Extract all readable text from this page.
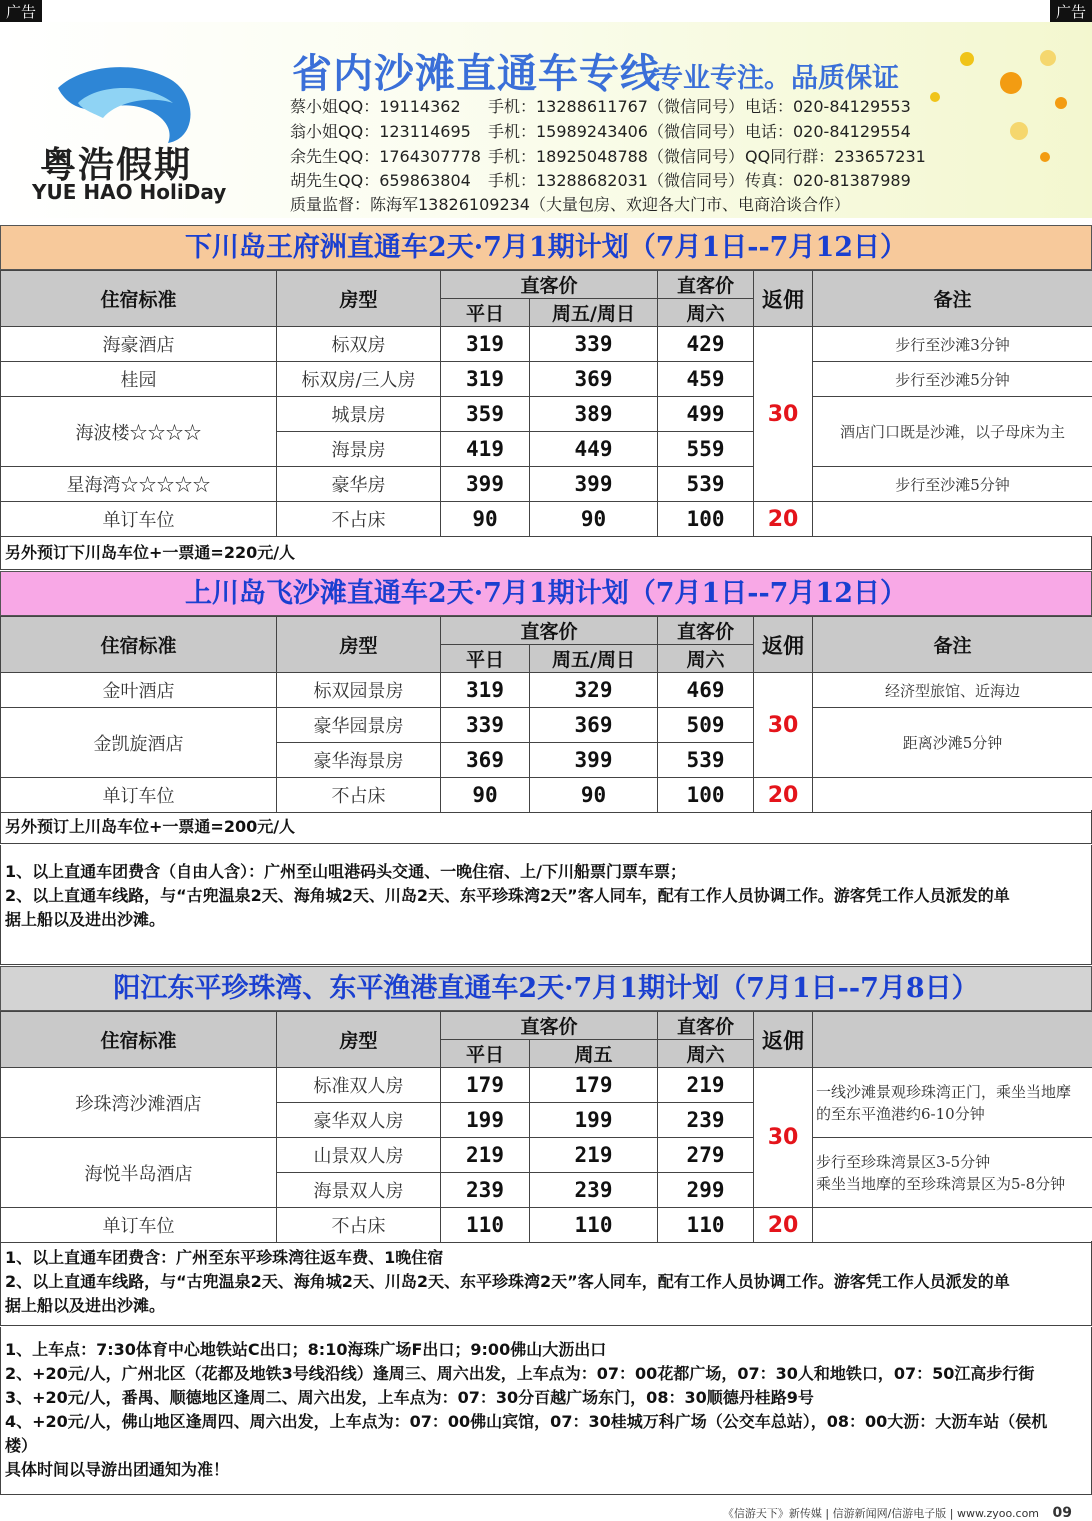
广告	广告
粤浩假期
YUE HAO HoliDay
省内沙滩直通车专线
专业专注。品质保证
蔡小姐QQ：19114362 手机：13288611767（微信同号） 电话：020-84129553
翁小姐QQ：123114695 手机：15989243406（微信同号） 电话：020-84129554
余先生QQ：1764307778 手机：18925048788（微信同号） QQ同行群：233657231
胡先生QQ：659863804 手机：13288682031（微信同号） 传真：020-81387989
质量监督：陈海军13826109234（大量包房、欢迎各大门市、电商洽谈合作）
下川岛王府洲直通车2天·7月1期计划（7月1日--7月12日）
住宿标准	房型	直客价		直客价	返佣	备注
		平日	周五/周日	周六		
海豪酒店	标双房	319	339	429	30	步行至沙滩3分钟
桂园	标双房/三人房	319	369	459		步行至沙滩5分钟
海波楼☆☆☆☆	城景房	359	389	499		酒店门口既是沙滩，以子母床为主
	海景房	419	449	559		
星海湾☆☆☆☆☆	豪华房	399	399	539		步行至沙滩5分钟
单订车位	不占床	90	90	100	20	
另外预订下川岛车位+一票通=220元/人
上川岛飞沙滩直通车2天·7月1期计划（7月1日--7月12日）
住宿标准	房型	直客价		直客价	返佣	备注
		平日	周五/周日	周六		
金叶酒店	标双园景房	319	329	469	30	经济型旅馆、近海边
金凯旋酒店	豪华园景房	339	369	509		距离沙滩5分钟
	豪华海景房	369	399	539		
单订车位	不占床	90	90	100	20	
另外预订上川岛车位+一票通=200元/人
1、以上直通车团费含（自由人含）：广州至山咀港码头交通、一晚住宿、上/下川船票门票车票；
2、以上直通车线路，与“古兜温泉2天、海角城2天、川岛2天、东平珍珠湾2天”客人同车，配有工作人员协调工作。游客凭工作人员派发的单
据上船以及进出沙滩。
阳江东平珍珠湾、东平渔港直通车2天·7月1期计划（7月1日--7月8日）
住宿标准	房型	直客价		直客价	返佣	
		平日	周五	周六		
珍珠湾沙滩酒店	标准双人房	179	179	219	30	一线沙滩景观珍珠湾正门，乘坐当地摩
的至东平渔港约6-10分钟

	豪华双人房	199	199	239		
海悦半岛酒店	山景双人房	219	219	279		步行至珍珠湾景区3-5分钟
乘坐当地摩的至珍珠湾景区为5-8分钟

	海景双人房	239	239	299		
单订车位	不占床	110	110	110	20	
1、以上直通车团费含：广州至东平珍珠湾往返车费、1晚住宿
2、以上直通车线路，与“古兜温泉2天、海角城2天、川岛2天、东平珍珠湾2天”客人同车，配有工作人员协调工作。游客凭工作人员派发的单
据上船以及进出沙滩。
1、上车点：7:30体育中心地铁站C出口；8:10海珠广场F出口；9:00佛山大沥出口
2、+20元/人，广州北区（花都及地铁3号线沿线）逢周三、周六出发，上车点为：07：00花都广场，07：30人和地铁口，07：50江高步行街
3、+20元/人，番禺、顺德地区逢周二、周六出发，上车点为：07：30分百越广场东门，08：30顺德丹桂路9号
4、+20元/人，佛山地区逢周四、周六出发，上车点为：07：00佛山宾馆，07：30桂城万科广场（公交车总站），08：00大沥：大沥车站（侯机
楼）
具体时间以导游出团通知为准！
《信游天下》新传媒 | 信游新闻网/信游电子版 | www.zyoo.com 09
